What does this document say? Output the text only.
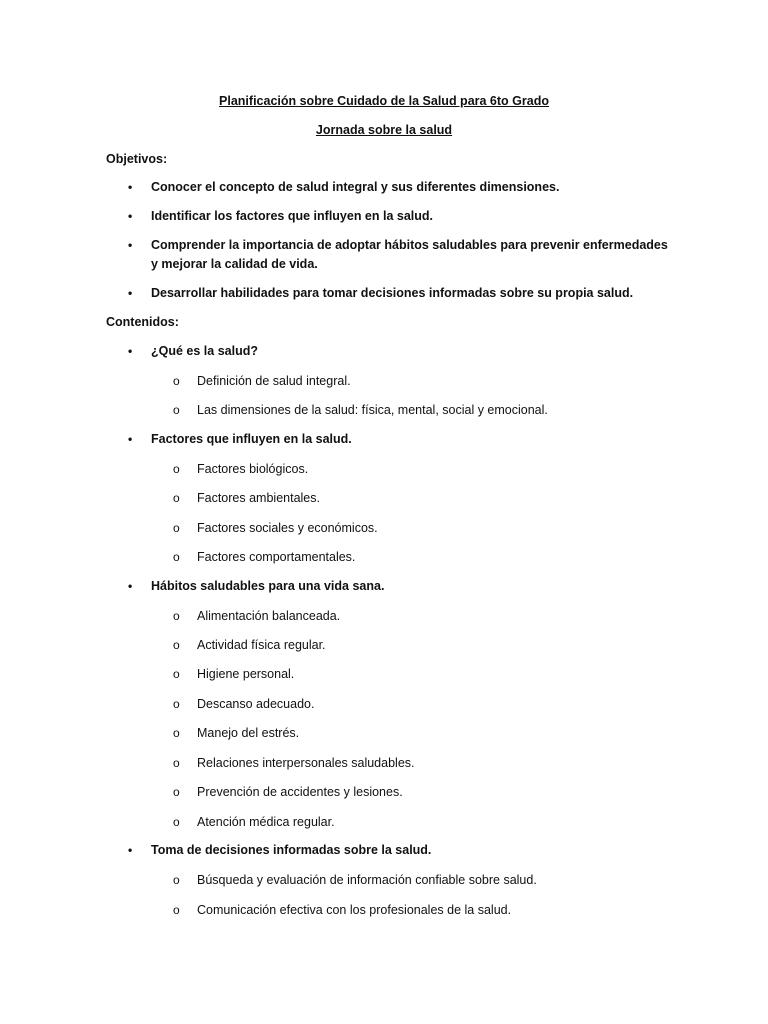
Planificación sobre Cuidado de la Salud para 6to Grado
Jornada sobre la salud
Objetivos:
• Conocer el concepto de salud integral y sus diferentes dimensiones.
• Identificar los factores que influyen en la salud.
• Comprender la importancia de adoptar hábitos saludables para prevenir enfermedades y mejorar la calidad de vida.
• Desarrollar habilidades para tomar decisiones informadas sobre su propia salud.
Contenidos:
• ¿Qué es la salud?
o Definición de salud integral.
o Las dimensiones de la salud: física, mental, social y emocional.
• Factores que influyen en la salud.
o Factores biológicos.
o Factores ambientales.
o Factores sociales y económicos.
o Factores comportamentales.
• Hábitos saludables para una vida sana.
o Alimentación balanceada.
o Actividad física regular.
o Higiene personal.
o Descanso adecuado.
o Manejo del estrés.
o Relaciones interpersonales saludables.
o Prevención de accidentes y lesiones.
o Atención médica regular.
• Toma de decisiones informadas sobre la salud.
o Búsqueda y evaluación de información confiable sobre salud.
o Comunicación efectiva con los profesionales de la salud.
